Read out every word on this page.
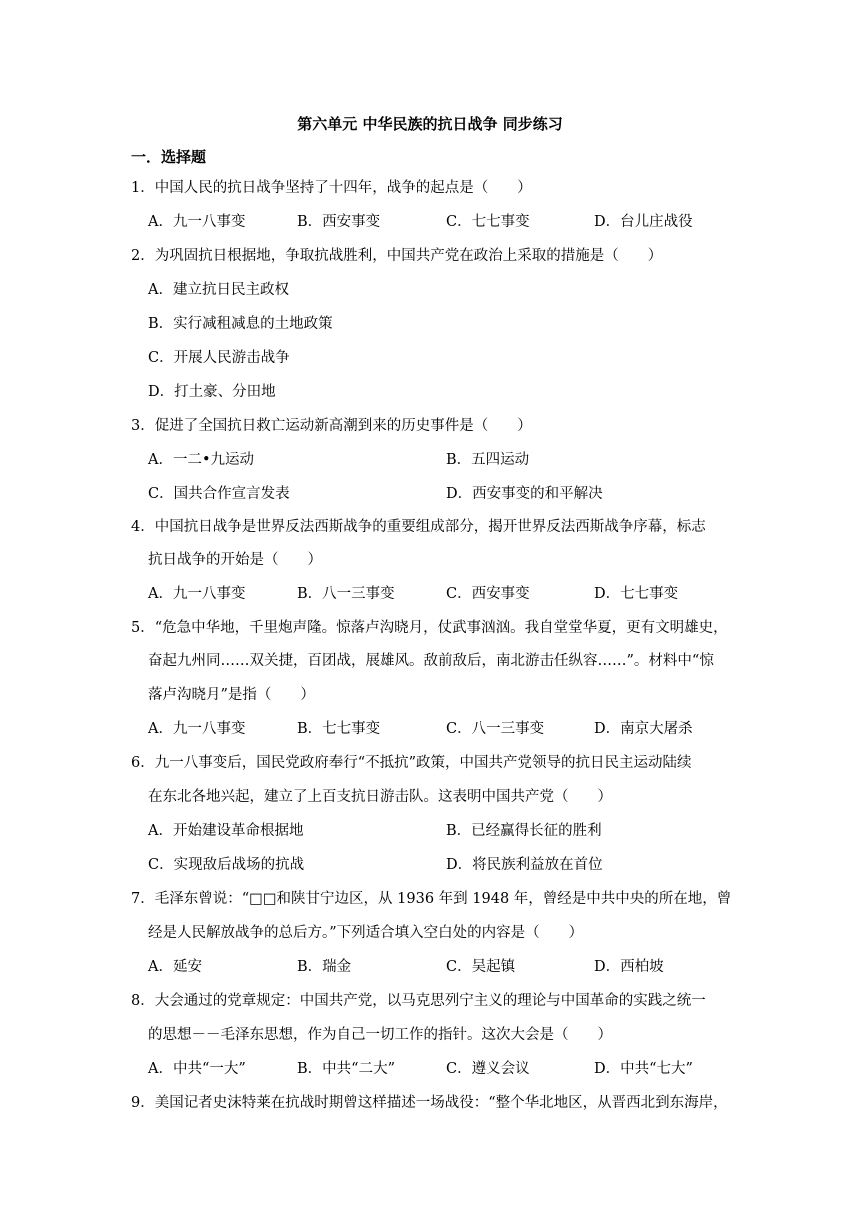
第六单元 中华民族的抗日战争 同步练习
一．选择题
1．中国人民的抗日战争坚持了十四年，战争的起点是（　　）
A．九一八事变	B．西安事变	C．七七事变	D．台儿庄战役
2．为巩固抗日根据地，争取抗战胜利，中国共产党在政治上采取的措施是（　　）
A．建立抗日民主政权
B．实行减租减息的土地政策
C．开展人民游击战争
D．打土豪、分田地
3．促进了全国抗日救亡运动新高潮到来的历史事件是（　　）
A．一二•九运动	B．五四运动
C．国共合作宣言发表	D．西安事变的和平解决
4．中国抗日战争是世界反法西斯战争的重要组成部分，揭开世界反法西斯战争序幕，标志
抗日战争的开始是（　　）
A．九一八事变	B．八一三事变	C．西安事变	D．七七事变
5．“危急中华地，千里炮声隆。惊落卢沟晓月，仗武事汹汹。我自堂堂华夏，更有文明雄史，
奋起九州同……双关捷，百团战，展雄风。敌前敌后，南北游击任纵容……”。材料中“惊
落卢沟晓月”是指（　　）
A．九一八事变	B．七七事变	C．八一三事变	D．南京大屠杀
6．九一八事变后，国民党政府奉行“不抵抗”政策，中国共产党领导的抗日民主运动陆续
在东北各地兴起，建立了上百支抗日游击队。这表明中国共产党（　　）
A．开始建设革命根据地	B．已经赢得长征的胜利
C．实现敌后战场的抗战	D．将民族利益放在首位
7．毛泽东曾说：“□□和陕甘宁边区，从 1936 年到 1948 年，曾经是中共中央的所在地，曾
经是人民解放战争的总后方。”下列适合填入空白处的内容是（　　）
A．延安	B．瑞金	C．吴起镇	D．西柏坡
8．大会通过的党章规定：中国共产党，以马克思列宁主义的理论与中国革命的实践之统一
的思想－－毛泽东思想，作为自己一切工作的指针。这次大会是（　　）
A．中共“一大”	B．中共“二大”	C．遵义会议	D．中共“七大”
9．美国记者史沫特莱在抗战时期曾这样描述一场战役：“整个华北地区，从晋西北到东海岸，
